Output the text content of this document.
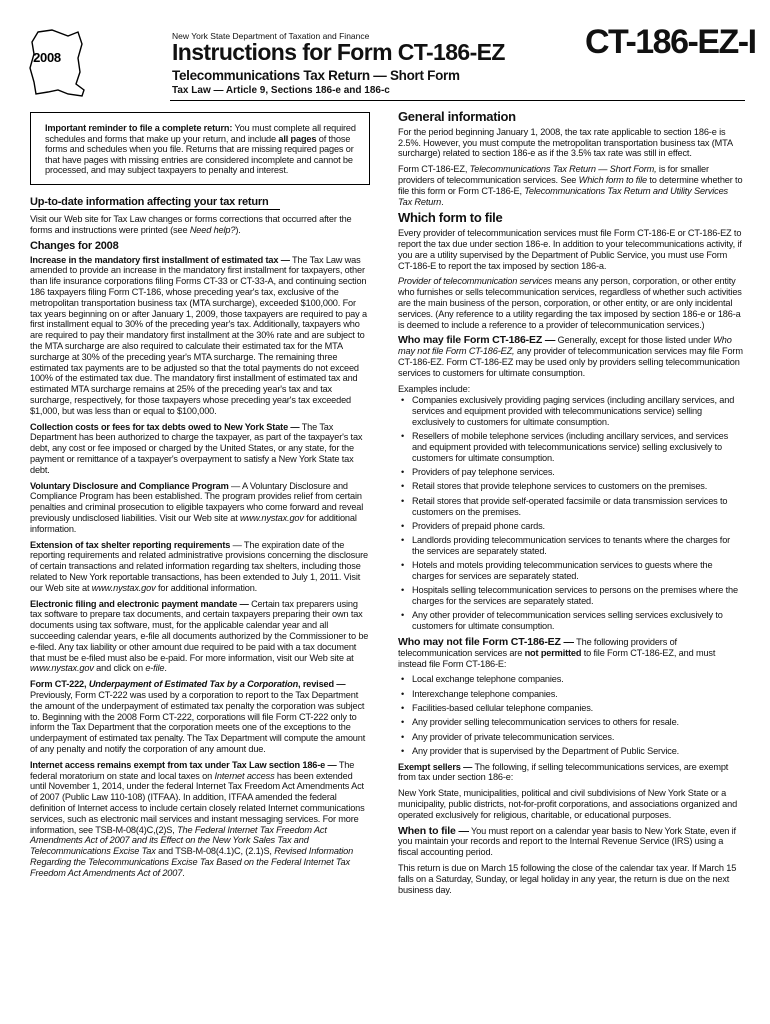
2008
New York State Department of Taxation and Finance
Instructions for Form CT-186-EZ CT-186-EZ-I
Telecommunications Tax Return — Short Form
Tax Law — Article 9, Sections 186-e and 186-c
Important reminder to file a complete return: You must complete all required schedules and forms that make up your return, and include all pages of those forms and schedules when you file. Returns that are missing required pages or that have pages with missing entries are considered incomplete and cannot be processed, and may subject taxpayers to penalty and interest.
Up-to-date information affecting your tax return

Visit our Web site for Tax Law changes or forms corrections that occurred after the forms and instructions were printed (see Need help?).

Changes for 2008

Increase in the mandatory first installment of estimated tax — The Tax Law was amended to provide an increase in the mandatory first installment for taxpayers, other than life insurance corporations filing Forms CT-33 or CT-33-A, and continuing section 186 taxpayers filing Form CT-186, whose preceding year's tax, exclusive of the metropolitan transportation business tax (MTA surcharge), exceeded $100,000. For tax years beginning on or after January 1, 2009, those taxpayers are required to pay a first installment equal to 30% of the preceding year's tax. Additionally, taxpayers who are required to pay their mandatory first installment at the 30% rate and are subject to the MTA surcharge are also required to calculate their estimated tax for the MTA surcharge at 30% of the preceding year's MTA surcharge. The remaining three estimated tax payments are to be adjusted so that the total payments do not exceed 100% of the estimated tax due. The mandatory first installment of estimated tax and estimated MTA surcharge remains at 25% of the preceding year's tax and tax surcharge, respectively, for those taxpayers whose preceding year's tax exceeded $1,000, but was less than or equal to $100,000.

Collection costs or fees for tax debts owed to New York State — The Tax Department has been authorized to charge the taxpayer, as part of the taxpayer's tax debt, any cost or fee imposed or charged by the United States, or any state, for the payment or remittance of a taxpayer's overpayment to satisfy a New York State tax debt.

Voluntary Disclosure and Compliance Program — A Voluntary Disclosure and Compliance Program has been established. The program provides relief from certain penalties and criminal prosecution to eligible taxpayers who come forward and reveal previously undisclosed liabilities. Visit our Web site at www.nystax.gov for additional information.

Extension of tax shelter reporting requirements — The expiration date of the reporting requirements and related administrative provisions concerning the disclosure of certain transactions and related information regarding tax shelters, including those related to New York reportable transactions, has been extended to July 1, 2011. Visit our Web site at www.nystax.gov for additional information.

Electronic filing and electronic payment mandate — Certain tax preparers using tax software to prepare tax documents, and certain taxpayers preparing their own tax documents using tax software, must, for the applicable calendar year and all succeeding calendar years, e-file all documents authorized by the Commissioner to be e-filed. Any tax liability or other amount due required to be paid with a tax document that must be e-filed must also be e-paid. For more information, visit our Web site at www.nystax.gov and click on e-file.

Form CT-222, Underpayment of Estimated Tax by a Corporation, revised — Previously, Form CT-222 was used by a corporation to report to the Tax Department the amount of the underpayment of estimated tax penalty the corporation was subject to. Beginning with the 2008 Form CT-222, corporations will file Form CT-222 only to inform the Tax Department that the corporation meets one of the exceptions to the underpayment of estimated tax penalty. The Tax Department will compute the amount of any penalty and notify the corporation of any amount due.

Internet access remains exempt from tax under Tax Law section 186-e — The federal moratorium on state and local taxes on Internet access has been extended until November 1, 2014, under the federal Internet Tax Freedom Act Amendments Act of 2007 (Public Law 110-108) (ITFAA). In addition, ITFAA amended the federal definition of Internet access to include certain closely related Internet communications services, such as electronic mail services and instant messaging services. For more information, see TSB-M-08(4)C,(2)S, The Federal Internet Tax Freedom Act Amendments Act of 2007 and its Effect on the New York Sales Tax and Telecommunications Excise Tax and TSB-M-08(4.1)C, (2.1)S, Revised Information Regarding the Telecommunications Excise Tax Based on the Federal Internet Tax Freedom Act Amendments Act of 2007.

General information

For the period beginning January 1, 2008, the tax rate applicable to section 186-e is 2.5%. However, you must compute the metropolitan transportation business tax (MTA surcharge) related to section 186-e as if the 3.5% tax rate was still in effect.

Form CT-186-EZ, Telecommunications Tax Return — Short Form, is for smaller providers of telecommunication services. See Which form to file to determine whether to file this form or Form CT-186-E, Telecommunications Tax Return and Utility Services Tax Return.

Which form to file

Every provider of telecommunication services must file Form CT-186-E or CT-186-EZ to report the tax due under section 186-e. In addition to your telecommunications activity, if you are a utility supervised by the Department of Public Service, you must use Form CT-186-E to report the tax imposed by section 186-a.

Provider of telecommunication services means any person, corporation, or other entity who furnishes or sells telecommunication services, regardless of whether such activities are the main business of the person, corporation, or other entity, or are only incidental services. (Any reference to a utility regarding the tax imposed by section 186-e or 186-a is deemed to include a reference to a provider of telecommunication services.)

Who may file Form CT-186-EZ — Generally, except for those listed under Who may not file Form CT-186-EZ, any provider of telecommunication services may file Form CT-186-EZ. Form CT-186-EZ may be used only by providers selling telecommunication services to customers for ultimate consumption.

Examples include:

• Companies exclusively providing paging services (including ancillary services, and services and equipment provided with telecommunications service) selling exclusively to customers for ultimate consumption.
• Resellers of mobile telephone services (including ancillary services, and services and equipment provided with telecommunications service) selling exclusively to customers for ultimate consumption.
• Providers of pay telephone services.
• Retail stores that provide telephone services to customers on the premises.
• Retail stores that provide self-operated facsimile or data transmission services to customers on the premises.
• Providers of prepaid phone cards.
• Landlords providing telecommunication services to tenants where the charges for the services are separately stated.
• Hotels and motels providing telecommunication services to guests where the charges for services are separately stated.
• Hospitals selling telecommunication services to persons on the premises where the charges for the services are separately stated.
• Any other provider of telecommunication services selling services exclusively to customers for ultimate consumption.

Who may not file Form CT-186-EZ — The following providers of telecommunication services are not permitted to file Form CT-186-EZ, and must instead file Form CT-186-E:

• Local exchange telephone companies.
• Interexchange telephone companies.
• Facilities-based cellular telephone companies.
• Any provider selling telecommunication services to others for resale.
• Any provider of private telecommunication services.
• Any provider that is supervised by the Department of Public Service.

Exempt sellers — The following, if selling telecommunications services, are exempt from tax under section 186-e:

New York State, municipalities, political and civil subdivisions of New York State or a municipality, public districts, not-for-profit corporations, and associations organized and operated exclusively for religious, charitable, or educational purposes.

When to file — You must report on a calendar year basis to New York State, even if you maintain your records and report to the Internal Revenue Service (IRS) using a fiscal accounting period.

This return is due on March 15 following the close of the calendar tax year. If March 15 falls on a Saturday, Sunday, or legal holiday in any year, the return is due on the next business day.
